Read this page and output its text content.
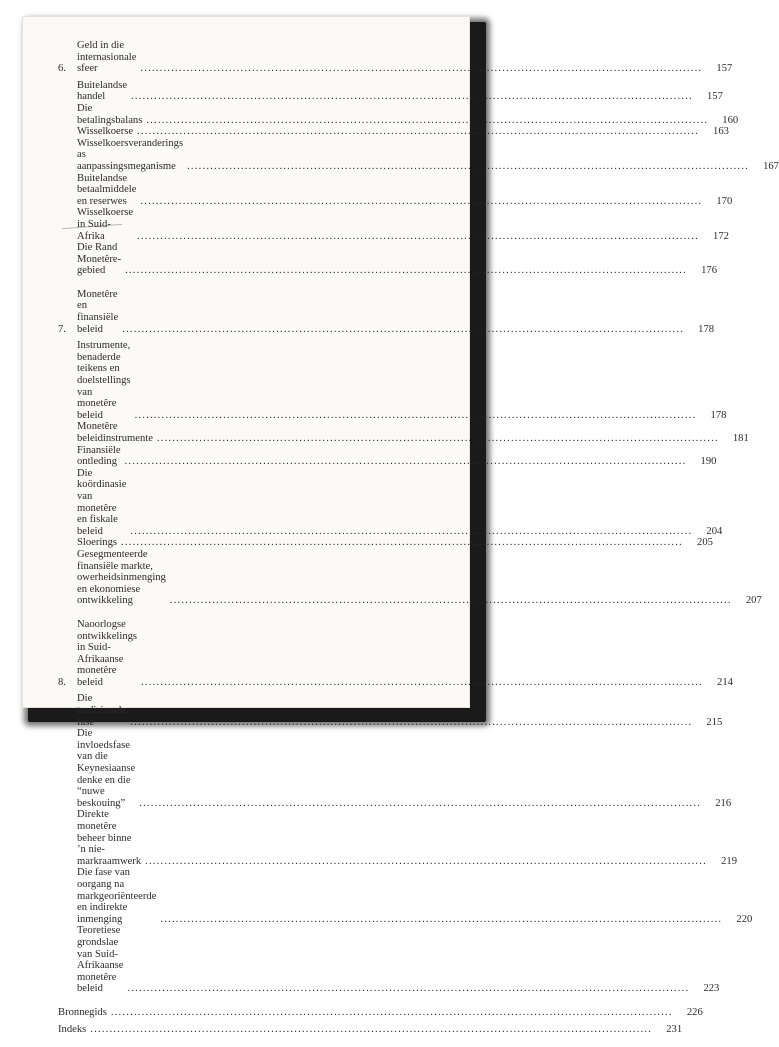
6.
Geld in die internasionale sfeer .....	157
Buitelandse handel .....	157
Die betalingsbalans .....	160
Wisselkoerse .....	163
Wisselkoersveranderings as aanpassingsmeganisme .....	167
Buitelandse betaalmiddele en reserwes .....	170
Wisselkoerse in Suid-Afrika .....	172
Die Rand Monetêre-gebied .....	176
7.
Monetêre en finansiële beleid .....	178
Instrumente, benaderde teikens en doelstellings van monetêre beleid .....	178
Monetêre beleidinstrumente .....	181
Finansiële ontleding .....	190
Die koördinasie van monetêre en fiskale beleid .....	204
Sloerings .....	205
Gesegmenteerde finansiële markte, owerheidsinmenging en ekonomiese ontwikkeling .....	207
8.
Naoorlogse ontwikkelings in Suid-Afrikaanse monetêre beleid .....	214
Die tradisionele fase .....	215
Die invloedsfase van die Keynesiaanse denke en die “nuwe beskouing” .....	216
Direkte monetêre beheer binne ’n nie-markraamwerk .....	219
Die fase van oorgang na markgeoriënteerde en indirekte inmenging .....	220
Teoretiese grondslae van Suid-Afrikaanse monetêre beleid .....	223
Bronnegids .....	226
Indeks .....	231
